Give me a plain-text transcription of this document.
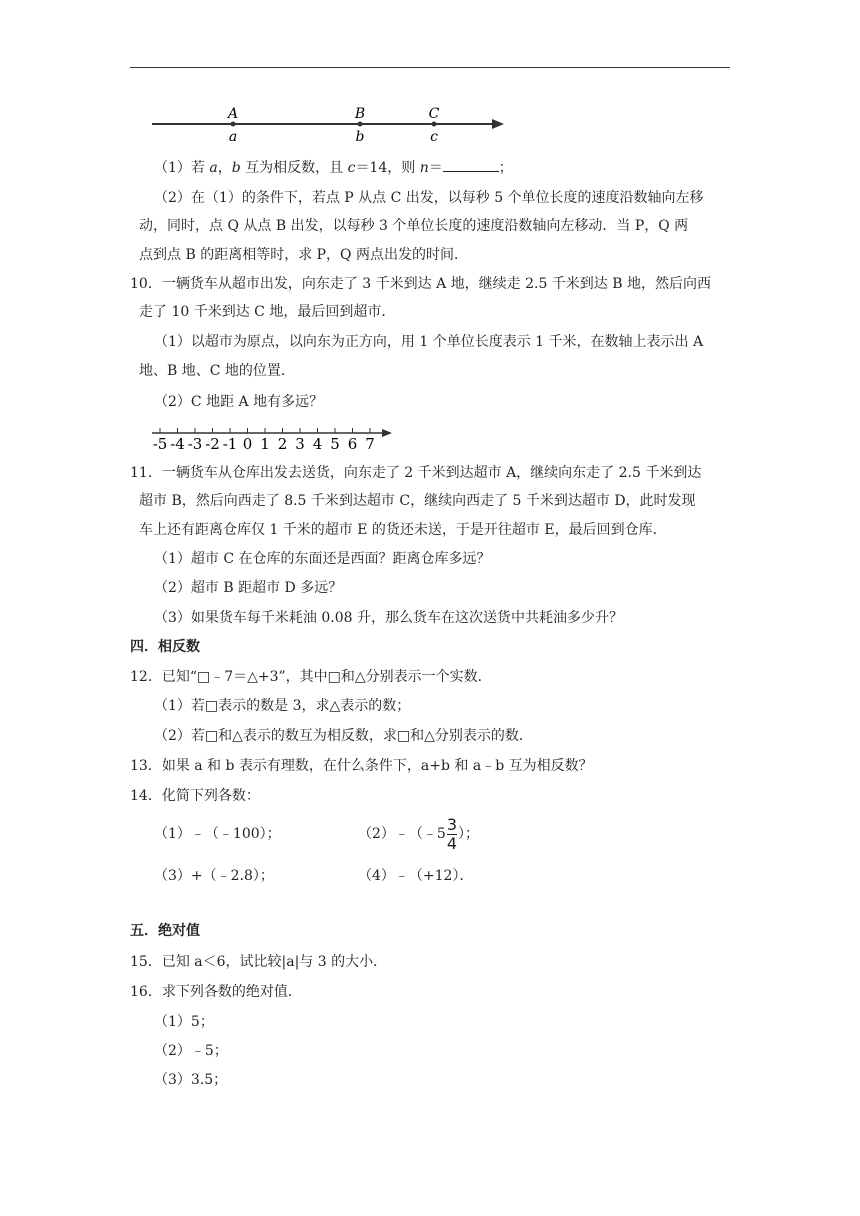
A
a
B
b
C
c
（1）若 a，b 互为相反数，且 c＝14，则 n＝	；
（2）在（1）的条件下，若点 P 从点 C 出发，以每秒 5 个单位长度的速度沿数轴向左移
动，同时，点 Q 从点 B 出发，以每秒 3 个单位长度的速度沿数轴向左移动．当 P，Q 两
点到点 B 的距离相等时，求 P，Q 两点出发的时间．
10．一辆货车从超市出发，向东走了 3 千米到达 A 地，继续走 2.5 千米到达 B 地，然后向西
走了 10 千米到达 C 地，最后回到超市．
（1）以超市为原点，以向东为正方向，用 1 个单位长度表示 1 千米，在数轴上表示出 A
地、B 地、C 地的位置．
（2）C 地距 A 地有多远？
-5 -4 -3 -2 -1 0 1 2 3 4 5 6 7
11．一辆货车从仓库出发去送货，向东走了 2 千米到达超市 A，继续向东走了 2.5 千米到达
超市 B，然后向西走了 8.5 千米到达超市 C，继续向西走了 5 千米到达超市 D，此时发现
车上还有距离仓库仅 1 千米的超市 E 的货还未送，于是开往超市 E，最后回到仓库．
（1）超市 C 在仓库的东面还是西面？距离仓库多远？
（2）超市 B 距超市 D 多远？
（3）如果货车每千米耗油 0.08 升，那么货车在这次送货中共耗油多少升？
四．相反数
12．已知“□﹣7＝△+3”，其中□和△分别表示一个实数．
（1）若□表示的数是 3，求△表示的数；
（2）若□和△表示的数互为相反数，求□和△分别表示的数．
13．如果 a 和 b 表示有理数，在什么条件下，a+b 和 a﹣b 互为相反数？
14．化简下列各数：
（1）﹣（﹣100）；	（2）﹣（﹣5 $\frac{3}{4}$ ）；
（3）+（﹣2.8）；	（4）﹣（+12）．
五．绝对值
15．已知 a＜6，试比较|a|与 3 的大小．
16．求下列各数的绝对值．
（1）5；
（2）﹣5；
（3）3.5；
